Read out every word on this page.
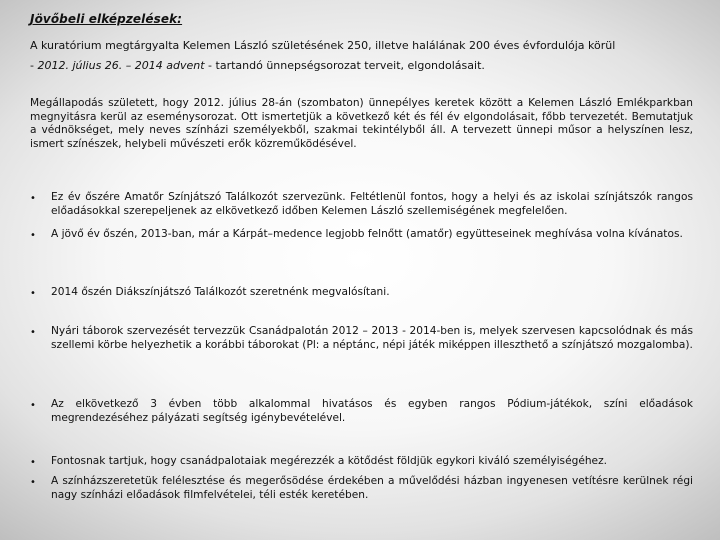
Jövőbeli elképzelések:
A kuratórium megtárgyalta Kelemen László születésének 250, illetve halálának 200 éves évfordulója körül
- 2012. július 26. – 2014 advent - tartandó ünnepségsorozat terveit, elgondolásait.
Megállapodás született, hogy 2012. július 28-án (szombaton) ünnepélyes keretek között a Kelemen László Emlékparkban megnyitásra kerül az eseménysorozat. Ott ismertetjük a következő két és fél év elgondolásait, főbb tervezetét. Bemutatjuk a védnökséget, mely neves színházi személyekből, szakmai tekintélyből áll. A tervezett ünnepi műsor a helyszínen lesz, ismert színészek, helybeli művészeti erők közreműködésével.
• Ez év őszére Amatőr Színjátszó Találkozót szervezünk. Feltétlenül fontos, hogy a helyi és az iskolai színjátszók rangos előadásokkal szerepeljenek az elkövetkező időben Kelemen László szellemiségének megfelelően.
• A jövő év őszén, 2013-ban, már a Kárpát–medence legjobb felnőtt (amatőr) együtteseinek meghívása volna kívánatos.
• 2014 őszén Diákszínjátszó Találkozót szeretnénk megvalósítani.
• Nyári táborok szervezését tervezzük Csanádpalotán 2012 – 2013 - 2014-ben is, melyek szervesen kapcsolódnak és más szellemi körbe helyezhetik a korábbi táborokat (Pl: a néptánc, népi játék miképpen illeszthető a színjátszó mozgalomba).
• Az elkövetkező 3 évben több alkalommal hivatásos és egyben rangos Pódium-játékok, színi előadások megrendezéséhez pályázati segítség igénybevételével.
• Fontosnak tartjuk, hogy csanádpalotaiak megérezzék a kötődést földjük egykori kiváló személyiségéhez.
• A színházszeretetük felélesztése és megerősödése érdekében a művelődési házban ingyenesen vetítésre kerülnek régi nagy színházi előadások filmfelvételei, téli esték keretében.
